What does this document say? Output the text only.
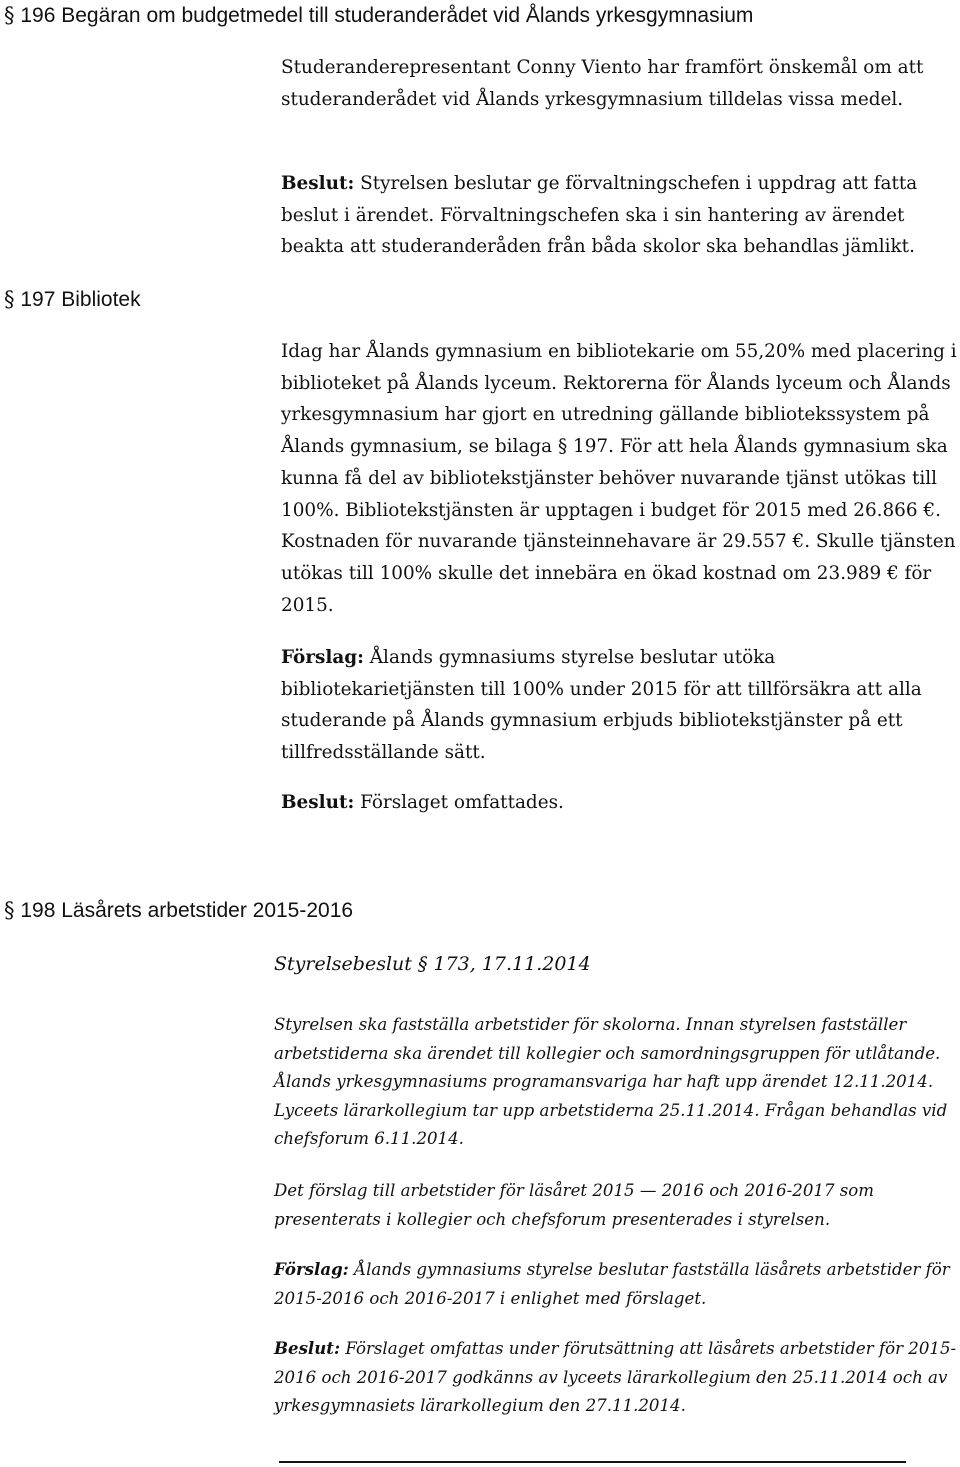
§ 196 Begäran om budgetmedel till studeranderådet vid Ålands yrkesgymnasium

Studeranderepresentant Conny Viento har framfört önskemål om att studeranderådet vid Ålands yrkesgymnasium tilldelas vissa medel.

Beslut: Styrelsen beslutar ge förvaltningschefen i uppdrag att fatta beslut i ärendet. Förvaltningschefen ska i sin hantering av ärendet beakta att studeranderåden från båda skolor ska behandlas jämlikt.

§ 197 Bibliotek

Idag har Ålands gymnasium en bibliotekarie om 55,20% med placering i biblioteket på Ålands lyceum. Rektorerna för Ålands lyceum och Ålands yrkesgymnasium har gjort en utredning gällande bibliotekssystem på Ålands gymnasium, se bilaga § 197. För att hela Ålands gymnasium ska kunna få del av bibliotekstjänster behöver nuvarande tjänst utökas till 100%. Bibliotekstjänsten är upptagen i budget för 2015 med 26.866 €. Kostnaden för nuvarande tjänsteinnehavare är 29.557 €. Skulle tjänsten utökas till 100% skulle det innebära en ökad kostnad om 23.989 € för 2015.

Förslag: Ålands gymnasiums styrelse beslutar utöka bibliotekarietjänsten till 100% under 2015 för att tillförsäkra att alla studerande på Ålands gymnasium erbjuds bibliotekstjänster på ett tillfredsställande sätt.

Beslut: Förslaget omfattades.

§ 198 Läsårets arbetstider 2015-2016

Styrelsebeslut § 173, 17.11.2014

Styrelsen ska fastställa arbetstider för skolorna. Innan styrelsen fastställer arbetstiderna ska ärendet till kollegier och samordningsgruppen för utlåtande. Ålands yrkesgymnasiums programansvariga har haft upp ärendet 12.11.2014. Lyceets lärarkollegium tar upp arbetstiderna 25.11.2014. Frågan behandlas vid chefsforum 6.11.2014.

Det förslag till arbetstider för läsåret 2015 — 2016 och 2016-2017 som presenterats i kollegier och chefsforum presenterades i styrelsen.

Förslag: Ålands gymnasiums styrelse beslutar fastställa läsårets arbetstider för 2015-2016 och 2016-2017 i enlighet med förslaget.

Beslut: Förslaget omfattas under förutsättning att läsårets arbetstider för 2015-2016 och 2016-2017 godkänns av lyceets lärarkollegium den 25.11.2014 och av yrkesgymnasiets lärarkollegium den 27.11.2014.
